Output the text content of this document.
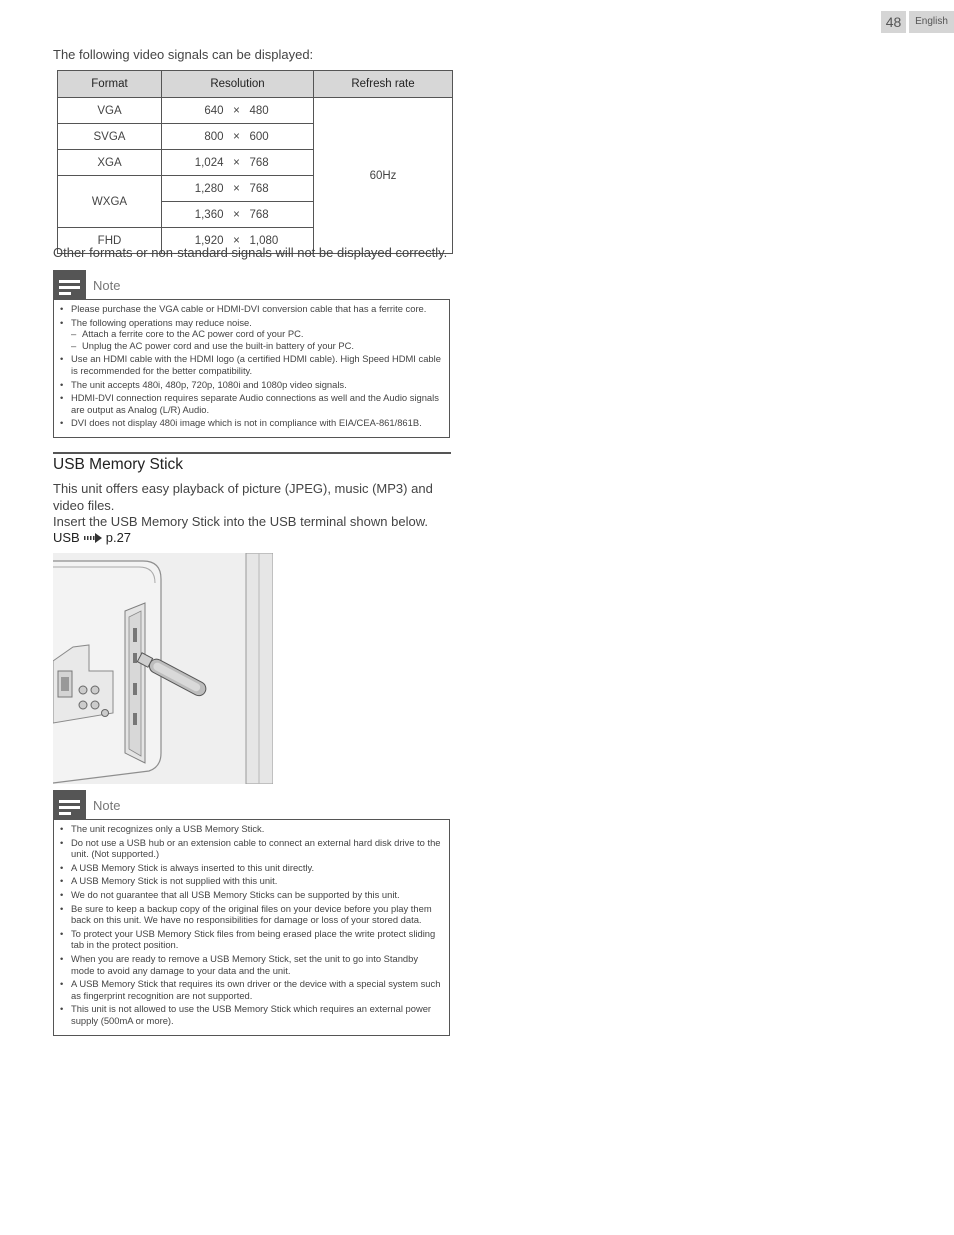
48	English
The following video signals can be displayed:
Format	Resolution	Refresh rate
VGA	640 × 480	60Hz
SVGA	800 × 600	
XGA	1,024 × 768	
WXGA	1,280 × 768	
	1,360 × 768	
FHD	1,920 × 1,080	
Other formats or non-standard signals will not be displayed correctly.
Note
• Please purchase the VGA cable or HDMI-DVI conversion cable that has a ferrite core.
• The following operations may reduce noise.
– Attach a ferrite core to the AC power cord of your PC.
– Unplug the AC power cord and use the built-in battery of your PC.
• Use an HDMI cable with the HDMI logo (a certified HDMI cable). High Speed HDMI cable is recommended for the better compatibility.
• The unit accepts 480i, 480p, 720p, 1080i and 1080p video signals.
• HDMI-DVI connection requires separate Audio connections as well and the Audio signals are output as Analog (L/R) Audio.
• DVI does not display 480i image which is not in compliance with EIA/CEA-861/861B.
USB Memory Stick
This unit offers easy playback of picture (JPEG), music (MP3) and video files.
Insert the USB Memory Stick into the USB terminal shown below.
USB p.27
Note
• The unit recognizes only a USB Memory Stick.
• Do not use a USB hub or an extension cable to connect an external hard disk drive to the unit. (Not supported.)
• A USB Memory Stick is always inserted to this unit directly.
• A USB Memory Stick is not supplied with this unit.
• We do not guarantee that all USB Memory Sticks can be supported by this unit.
• Be sure to keep a backup copy of the original files on your device before you play them back on this unit. We have no responsibilities for damage or loss of your stored data.
• To protect your USB Memory Stick files from being erased place the write protect sliding tab in the protect position.
• When you are ready to remove a USB Memory Stick, set the unit to go into Standby mode to avoid any damage to your data and the unit.
• A USB Memory Stick that requires its own driver or the device with a special system such as fingerprint recognition are not supported.
• This unit is not allowed to use the USB Memory Stick which requires an external power supply (500mA or more).
